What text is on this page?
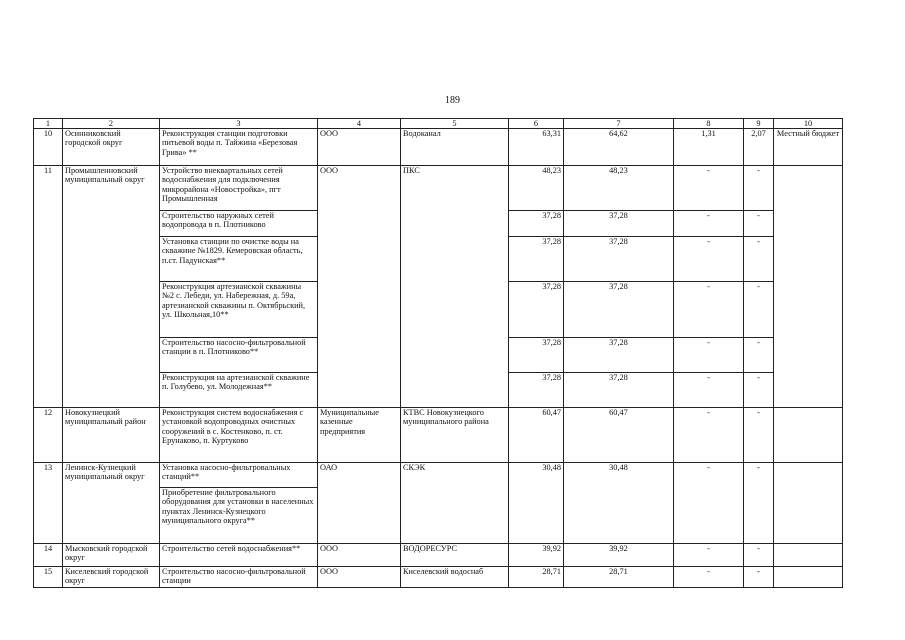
189
1	2	3	4	5	6	7	8	9	10
10	Осинниковский городской округ	Реконструкция станции подготовки питьевой воды п. Тайжина «Березовая Грива» **	ООО	Водоканал	63,31	64,62	1,31	2,07	Местный бюджет
11	Промышленновский муниципальный округ	Устройство внеквартальных сетей водоснабжения для подключения микрорайона «Новостройка», пгт Промышленная	ООО	ПКС	48,23	48,23	-	-	
		Строительство наружных сетей водопровода в п. Плотниково			37,28	37,28	-	-	
		Установка станции по очистке воды на скважине №1829. Кемеровская область, п.ст. Падунская**			37,28	37,28	-	-	
		Реконструкция артезианской скважины №2 с. Лебеди, ул. Набережная, д. 59а, артезианской скважины п. Октябрьский, ул. Школьная,10**			37,28	37,28	-	-	
		Строительство насосно-фильтровальной станции в п. Плотниково**			37,28	37,28	-	-	
		Реконструкция на артезианской скважине п. Голубево, ул. Молодежная**			37,28	37,28	-	-	
12	Новокузнецкий муниципальный район	Реконструкция систем водоснабжения с установкой водопроводных очистных сооружений в с. Костенково, п. ст. Ерунаково, п. Куртуково	Муниципальные казенные предприятия	КТВС Новокузнецкого муниципального района	60,47	60,47	-	-	
13	Ленинск-Кузнецкий муниципальный округ	Установка насосно-фильтровальных станций**	ОАО	СКЭК	30,48	30,48	-	-	
		Приобретение фильтровального оборудования для установки в населенных пунктах Ленинск-Кузнецкого муниципального округа**							
14	Мысковский городской округ	Строительство сетей водоснабжения**	ООО	ВОДОРЕСУРС	39,92	39,92	-	-	
15	Киселевский городской округ	Строительство насосно-фильтровальной станции	ООО	Киселевский водоснаб	28,71	28,71	-	-	
